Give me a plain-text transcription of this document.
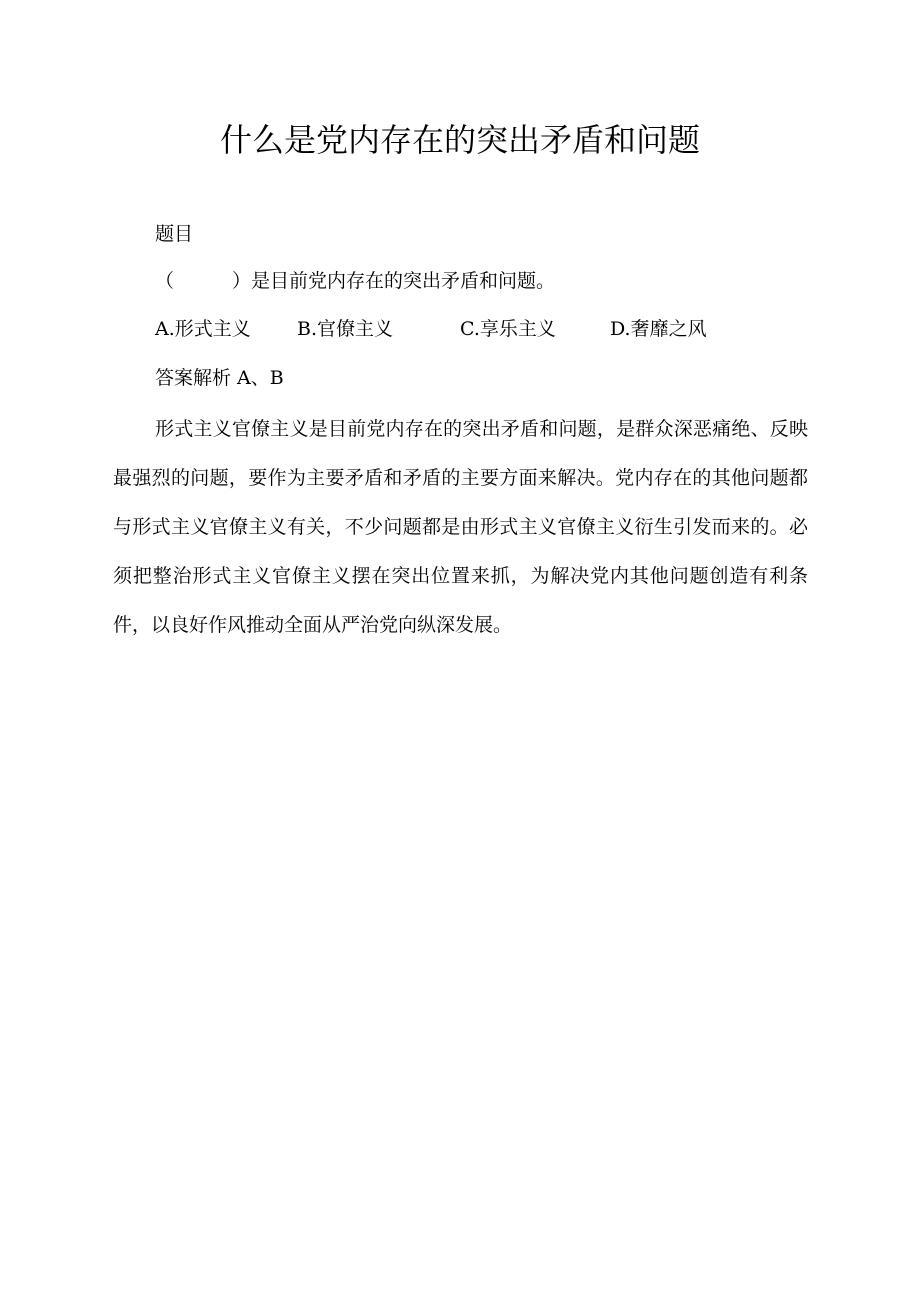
什么是党内存在的突出矛盾和问题
题目
（	）是目前党内存在的突出矛盾和问题。
A.形式主义 B.官僚主义	C.享乐主义	D.奢靡之风
答案解析 A、B

形式主义官僚主义是目前党内存在的突出矛盾和问题，是群众深恶痛绝、反映最强烈的问题，要作为主要矛盾和矛盾的主要方面来解决。党内存在的其他问题都与形式主义官僚主义有关，不少问题都是由形式主义官僚主义衍生引发而来的。必须把整治形式主义官僚主义摆在突出位置来抓，为解决党内其他问题创造有利条件，以良好作风推动全面从严治党向纵深发展。
